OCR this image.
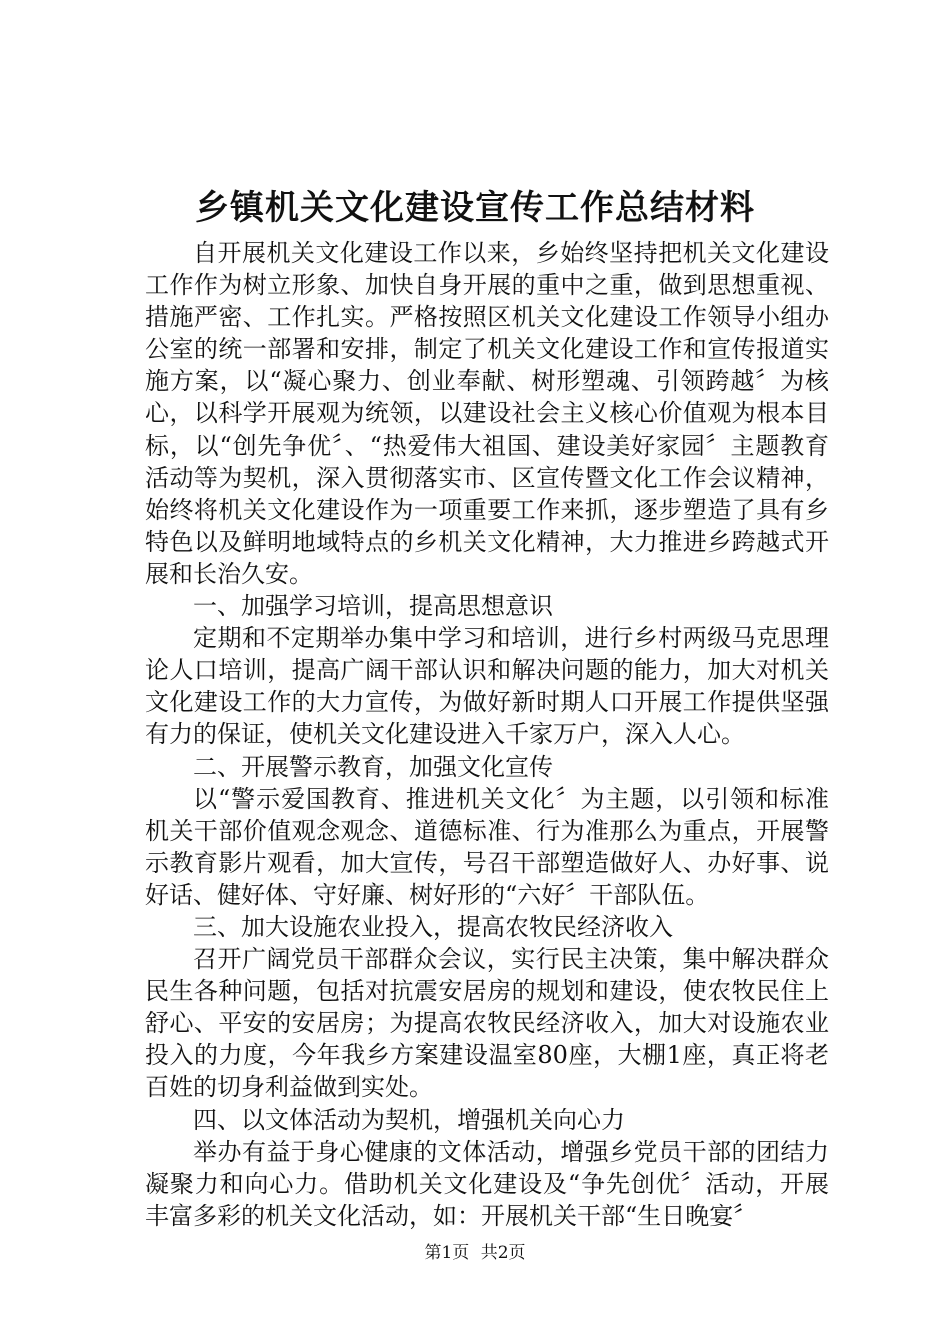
乡镇机关文化建设宣传工作总结材料

自开展机关文化建设工作以来，乡始终坚持把机关文化建设工作作为树立形象、加快自身开展的重中之重，做到思想重视、措施严密、工作扎实。严格按照区机关文化建设工作领导小组办公室的统一部署和安排，制定了机关文化建设工作和宣传报道实施方案，以“凝心聚力、创业奉献、树形塑魂、引领跨越〞为核心，以科学开展观为统领，以建设社会主义核心价值观为根本目标，以“创先争优〞、“热爱伟大祖国、建设美好家园〞主题教育活动等为契机，深入贯彻落实市、区宣传暨文化工作会议精神，始终将机关文化建设作为一项重要工作来抓，逐步塑造了具有乡特色以及鲜明地域特点的乡机关文化精神，大力推进乡跨越式开展和长治久安。

一、加强学习培训，提高思想意识

定期和不定期举办集中学习和培训，进行乡村两级马克思理论人口培训，提高广阔干部认识和解决问题的能力，加大对机关文化建设工作的大力宣传，为做好新时期人口开展工作提供坚强有力的保证，使机关文化建设进入千家万户，深入人心。

二、开展警示教育，加强文化宣传

以“警示爱国教育、推进机关文化〞为主题，以引领和标准机关干部价值观念观念、道德标准、行为准那么为重点，开展警示教育影片观看，加大宣传，号召干部塑造做好人、办好事、说好话、健好体、守好廉、树好形的“六好〞干部队伍。

三、加大设施农业投入，提高农牧民经济收入

召开广阔党员干部群众会议，实行民主决策，集中解决群众民生各种问题，包括对抗震安居房的规划和建设，使农牧民住上舒心、平安的安居房；为提高农牧民经济收入，加大对设施农业投入的力度，今年我乡方案建设温室80座，大棚1座，真正将老百姓的切身利益做到实处。

四、以文体活动为契机，增强机关向心力

举办有益于身心健康的文体活动，增强乡党员干部的团结力凝聚力和向心力。借助机关文化建设及“争先创优〞活动，开展丰富多彩的机关文化活动，如：开展机关干部“生日晚宴〞

第1页 共2页
